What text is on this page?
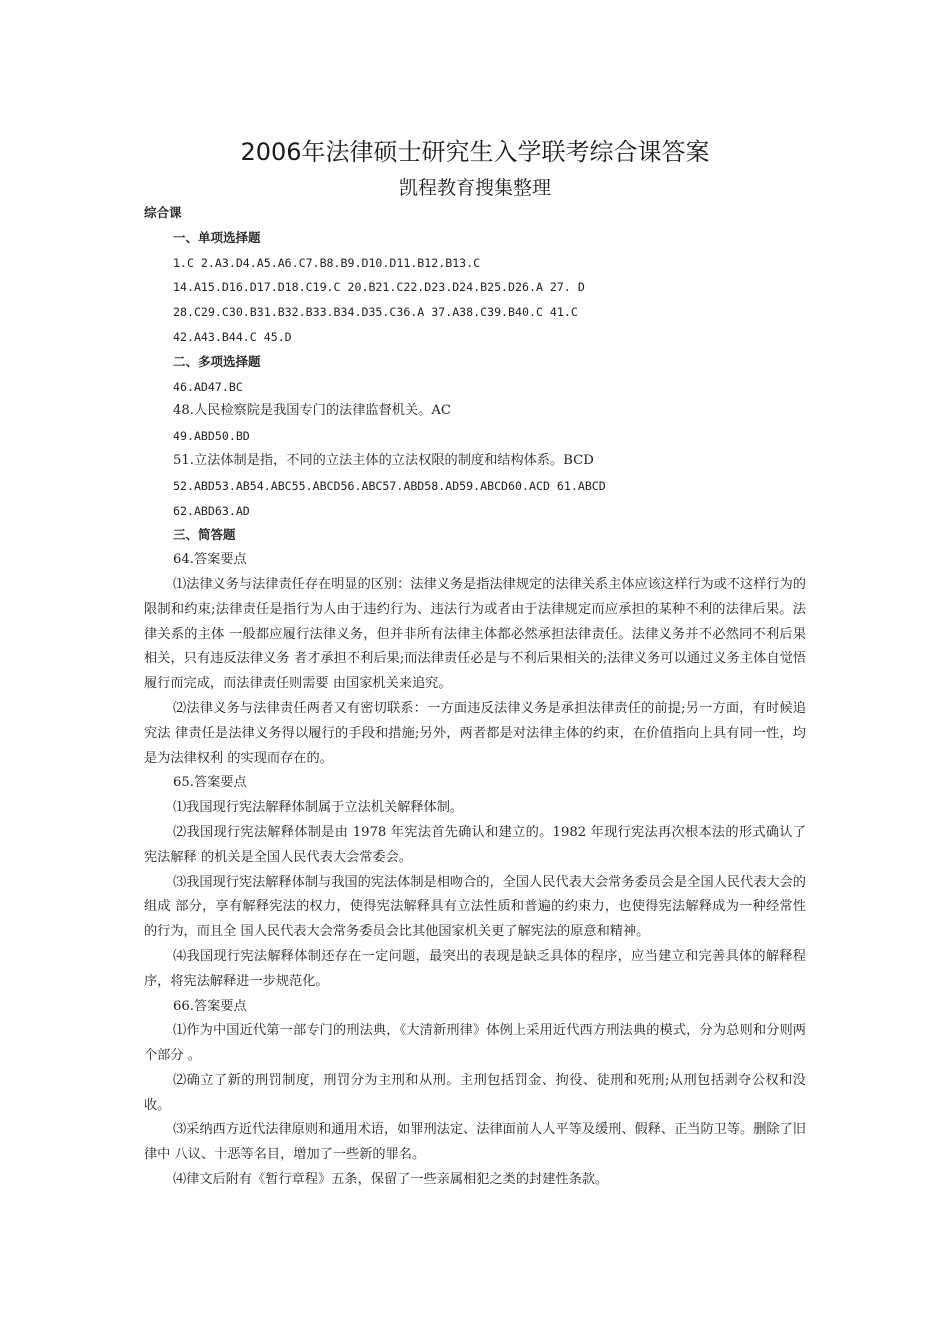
2006年法律硕士研究生入学联考综合课答案
凯程教育搜集整理

综合课

一、单项选择题

1.C 2.A3.D4.A5.A6.C7.B8.B9.D10.D11.B12.B13.C

14.A15.D16.D17.D18.C19.C 20.B21.C22.D23.D24.B25.D26.A 27. D

28.C29.C30.B31.B32.B33.B34.D35.C36.A 37.A38.C39.B40.C 41.C

42.A43.B44.C 45.D

二、多项选择题

46.AD47.BC

48.人民检察院是我国专门的法律监督机关。AC

49.ABD50.BD

51.立法体制是指，不同的立法主体的立法权限的制度和结构体系。BCD

52.ABD53.AB54.ABC55.ABCD56.ABC57.ABD58.AD59.ABCD60.ACD 61.ABCD

62.ABD63.AD

三、简答题

64.答案要点

⑴法律义务与法律责任存在明显的区别：法律义务是指法律规定的法律关系主体应该这样行为或不这样行为的限制和约束;法律责任是指行为人由于违约行为、违法行为或者由于法律规定而应承担的某种不利的法律后果。法律关系的主体 一般都应履行法律义务，但并非所有法律主体都必然承担法律责任。法律义务并不必然同不利后果相关，只有违反法律义务 者才承担不利后果;而法律责任必是与不利后果相关的;法律义务可以通过义务主体自觉悟履行而完成，而法律责任则需要 由国家机关来追究。

⑵法律义务与法律责任两者又有密切联系：一方面违反法律义务是承担法律责任的前提;另一方面，有时候追究法 律责任是法律义务得以履行的手段和措施;另外，两者都是对法律主体的约束，在价值指向上具有同一性，均是为法律权利 的实现而存在的。

65.答案要点

⑴我国现行宪法解释体制属于立法机关解释体制。

⑵我国现行宪法解释体制是由 1978 年宪法首先确认和建立的。1982 年现行宪法再次根本法的形式确认了宪法解释 的机关是全国人民代表大会常委会。

⑶我国现行宪法解释体制与我国的宪法体制是相吻合的，全国人民代表大会常务委员会是全国人民代表大会的组成 部分，享有解释宪法的权力，使得宪法解释具有立法性质和普遍的约束力，也使得宪法解释成为一种经常性的行为，而且全 国人民代表大会常务委员会比其他国家机关更了解宪法的原意和精神。

⑷我国现行宪法解释体制还存在一定问题，最突出的表现是缺乏具体的程序，应当建立和完善具体的解释程序，将宪法解释进一步规范化。

66.答案要点

⑴作为中国近代第一部专门的刑法典，《大清新刑律》体例上采用近代西方刑法典的模式，分为总则和分则两个部分 。

⑵确立了新的刑罚制度，刑罚分为主刑和从刑。主刑包括罚金、拘役、徒刑和死刑;从刑包括剥夺公权和没收。

⑶采纳西方近代法律原则和通用术语，如罪刑法定、法律面前人人平等及缓刑、假释、正当防卫等。删除了旧律中 八议、十恶等名目，增加了一些新的罪名。

⑷律文后附有《暂行章程》五条，保留了一些亲属相犯之类的封建性条款。
